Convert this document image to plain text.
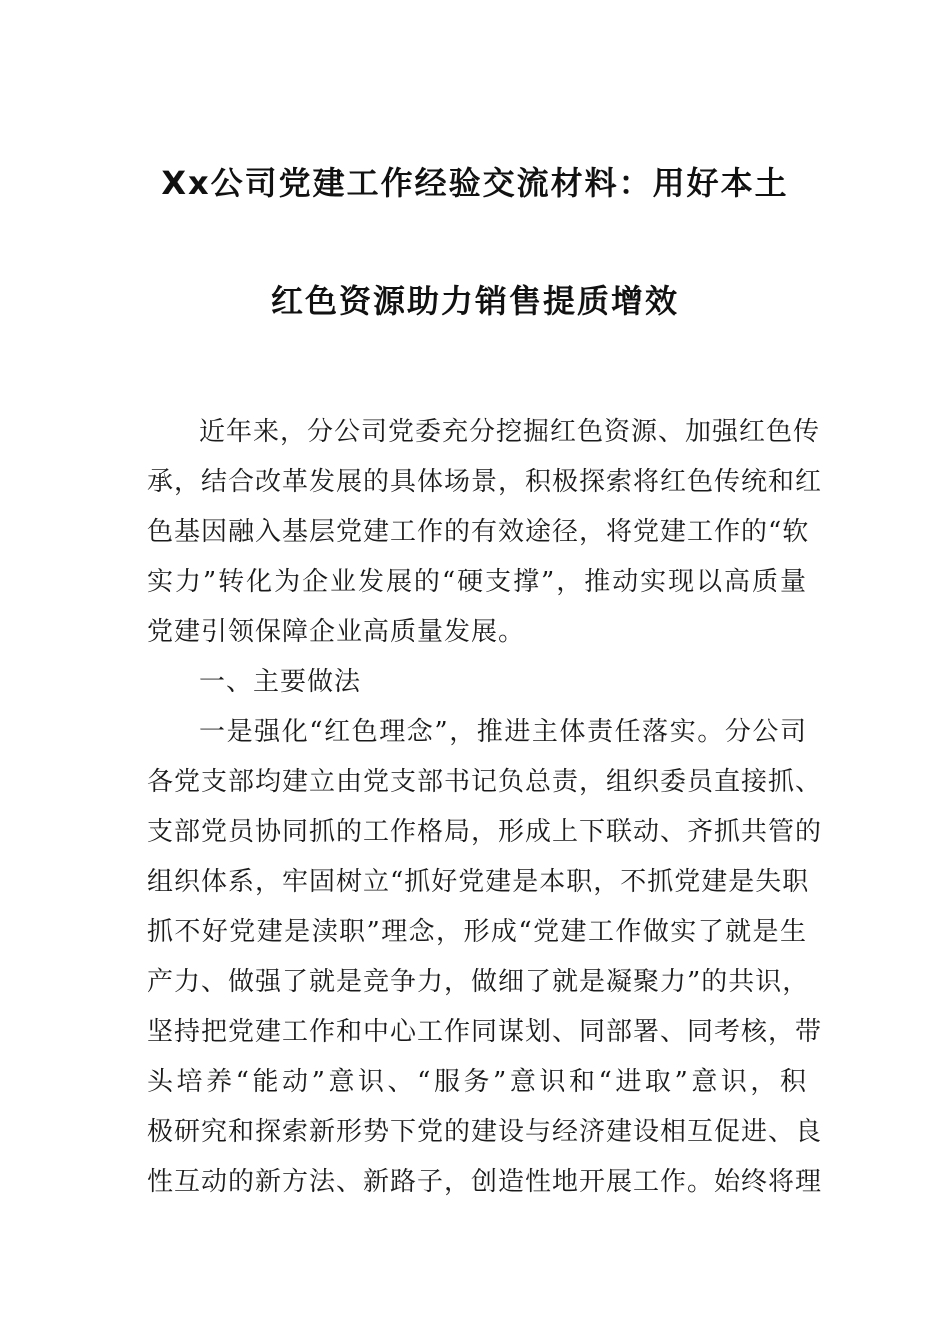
Xx公司党建工作经验交流材料：用好本土
红色资源助力销售提质增效
近年来，分公司党委充分挖掘红色资源、加强红色传
承，结合改革发展的具体场景，积极探索将红色传统和红
色基因融入基层党建工作的有效途径，将党建工作的“软
实力”转化为企业发展的“硬支撑”，推动实现以高质量
党建引领保障企业高质量发展。
一、主要做法
一是强化“红色理念”，推进主体责任落实。分公司
各党支部均建立由党支部书记负总责，组织委员直接抓、
支部党员协同抓的工作格局，形成上下联动、齐抓共管的
组织体系，牢固树立“抓好党建是本职，不抓党建是失职
抓不好党建是渎职”理念，形成“党建工作做实了就是生
产力、做强了就是竞争力，做细了就是凝聚力”的共识，
坚持把党建工作和中心工作同谋划、同部署、同考核，带
头培养“能动”意识、“服务”意识和“进取”意识，积
极研究和探索新形势下党的建设与经济建设相互促进、良
性互动的新方法、新路子，创造性地开展工作。始终将理
